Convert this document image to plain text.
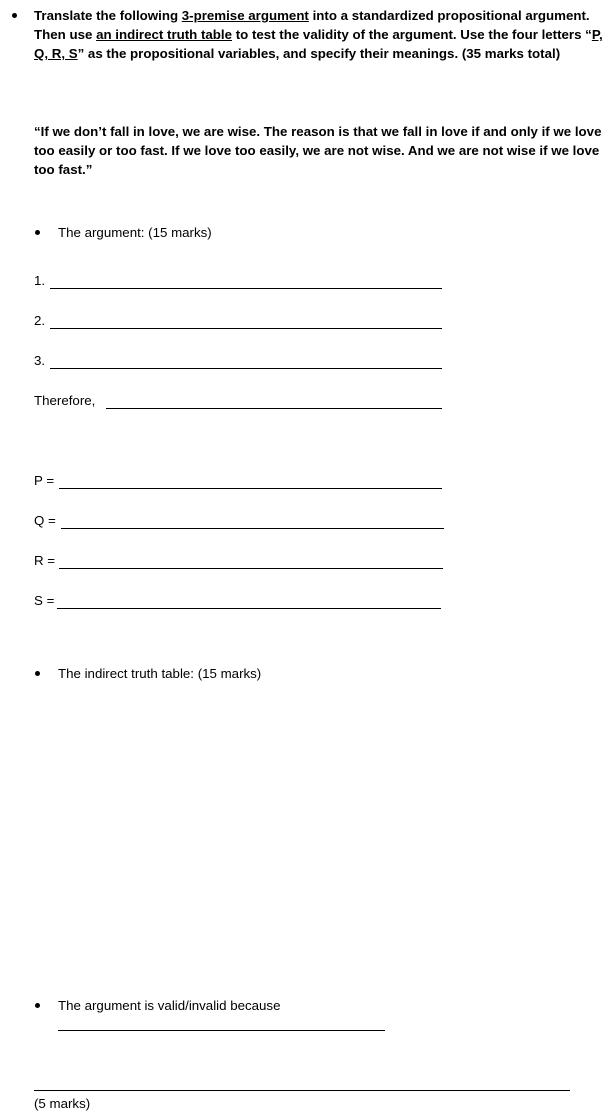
Translate the following 3-premise argument into a standardized propositional argument. Then use an indirect truth table to test the validity of the argument. Use the four letters “P, Q, R, S” as the propositional variables, and specify their meanings. (35 marks total)
“If we don’t fall in love, we are wise. The reason is that we fall in love if and only if we love too easily or too fast. If we love too easily, we are not wise. And we are not wise if we love too fast.”
The argument: (15 marks)
1.
2.
3.
Therefore,
P =
Q =
R =
S =
The indirect truth table: (15 marks)
The argument is valid/invalid because
(5 marks)
